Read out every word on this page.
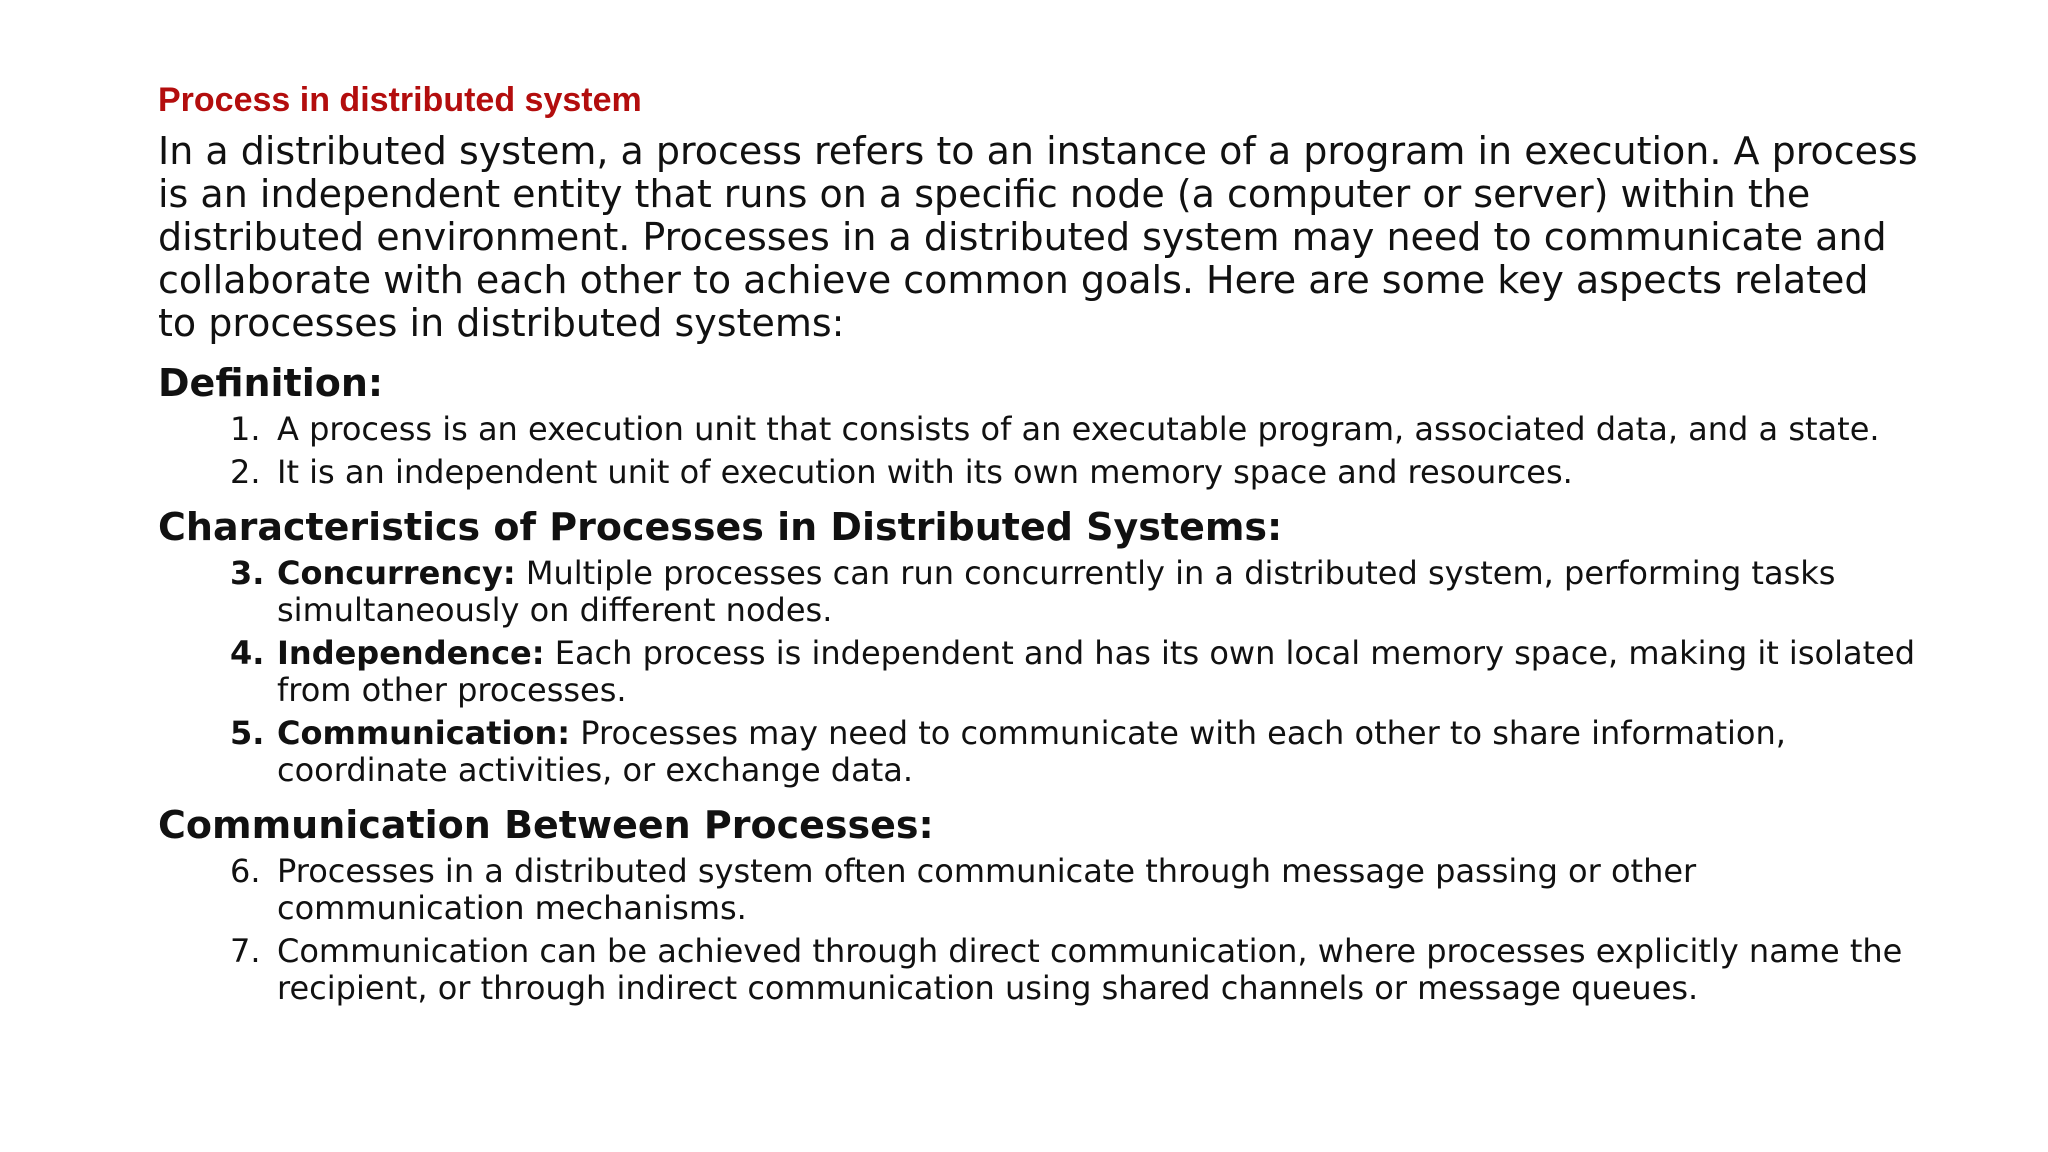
Process in distributed system
In a distributed system, a process refers to an instance of a program in execution. A process is an independent entity that runs on a specific node (a computer or server) within the distributed environment. Processes in a distributed system may need to communicate and collaborate with each other to achieve common goals. Here are some key aspects related to processes in distributed systems:
Definition:
1. A process is an execution unit that consists of an executable program, associated data, and a state.
2. It is an independent unit of execution with its own memory space and resources.
Characteristics of Processes in Distributed Systems:
3. Concurrency: Multiple processes can run concurrently in a distributed system, performing tasks simultaneously on different nodes.
4. Independence: Each process is independent and has its own local memory space, making it isolated from other processes.
5. Communication: Processes may need to communicate with each other to share information, coordinate activities, or exchange data.
Communication Between Processes:
6. Processes in a distributed system often communicate through message passing or other communication mechanisms.
7. Communication can be achieved through direct communication, where processes explicitly name the recipient, or through indirect communication using shared channels or message queues.
